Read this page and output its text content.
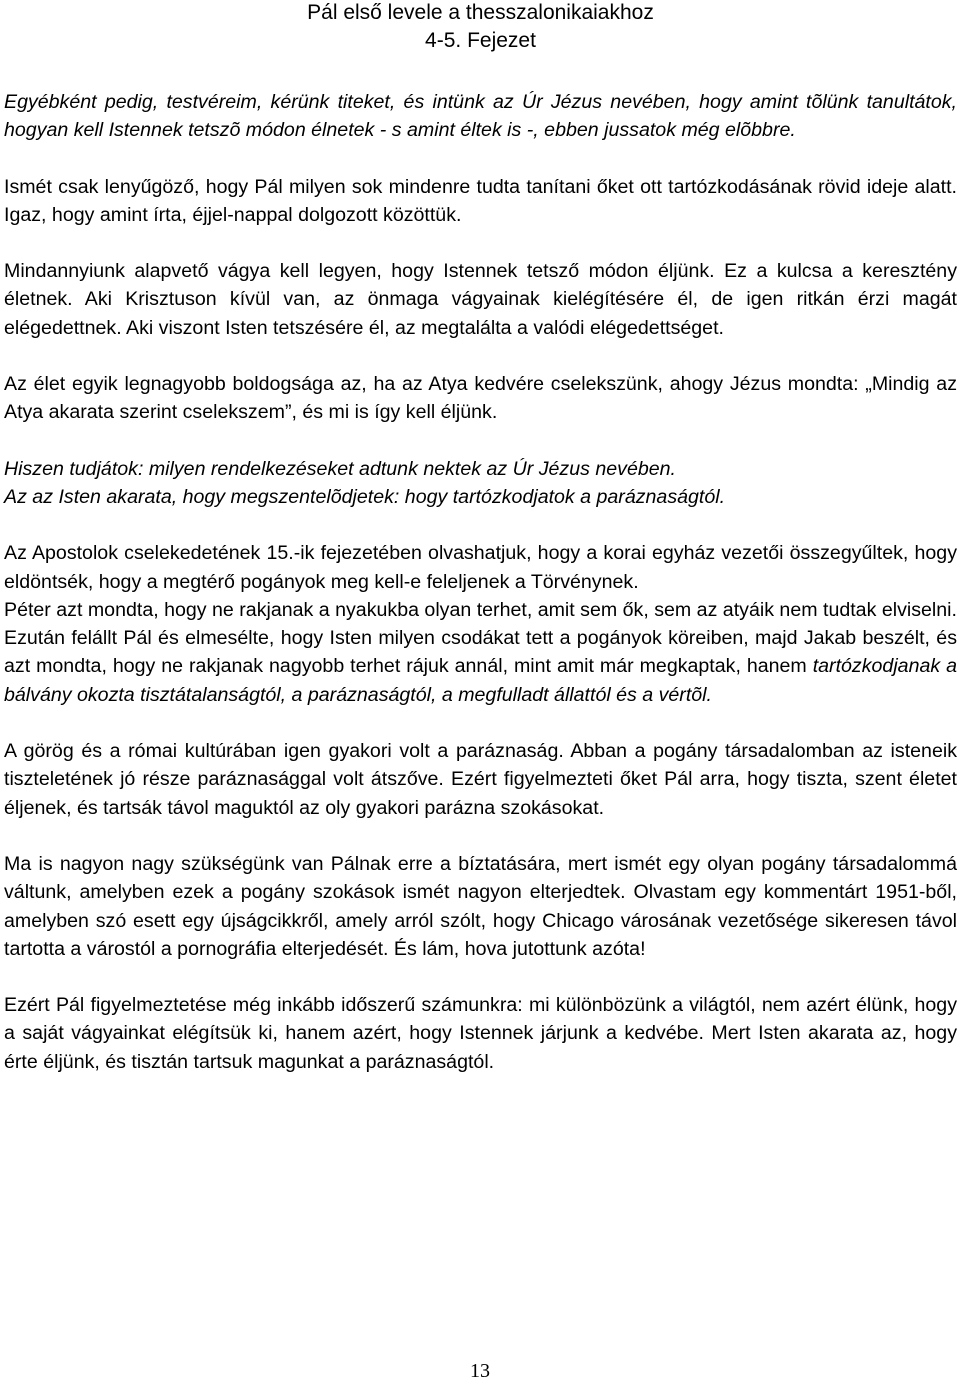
Pál első levele a thesszalonikaiakhoz
4-5. Fejezet

Egyébként pedig, testvéreim, kérünk titeket, és intünk az Úr Jézus nevében, hogy amint tõlünk tanultátok, hogyan kell Istennek tetszõ módon élnetek - s amint éltek is -, ebben jussatok még elõbbre.

Ismét csak lenyűgöző, hogy Pál milyen sok mindenre tudta tanítani őket ott tartózkodásának rövid ideje alatt. Igaz, hogy amint írta, éjjel-nappal dolgozott közöttük.

Mindannyiunk alapvető vágya kell legyen, hogy Istennek tetsző módon éljünk. Ez a kulcsa a keresztény életnek. Aki Krisztuson kívül van, az önmaga vágyainak kielégítésére él, de igen ritkán érzi magát elégedettnek. Aki viszont Isten tetszésére él, az megtalálta a valódi elégedettséget.

Az élet egyik legnagyobb boldogsága az, ha az Atya kedvére cselekszünk, ahogy Jézus mondta: „Mindig az Atya akarata szerint cselekszem”, és mi is így kell éljünk.

Hiszen tudjátok: milyen rendelkezéseket adtunk nektek az Úr Jézus nevében.

Az az Isten akarata, hogy megszentelõdjetek: hogy tartózkodjatok a paráznaságtól.

Az Apostolok cselekedetének 15.-ik fejezetében olvashatjuk, hogy a korai egyház vezetői összegyűltek, hogy eldöntsék, hogy a megtérő pogányok meg kell-e feleljenek a Törvénynek.

Péter azt mondta, hogy ne rakjanak a nyakukba olyan terhet, amit sem ők, sem az atyáik nem tudtak elviselni.

Ezután felállt Pál és elmesélte, hogy Isten milyen csodákat tett a pogányok köreiben, majd Jakab beszélt, és azt mondta, hogy ne rakjanak nagyobb terhet rájuk annál, mint amit már megkaptak, hanem tartózkodjanak a bálvány okozta tisztátalanságtól, a paráznaságtól, a megfulladt állattól és a vértõl.

A görög és a római kultúrában igen gyakori volt a paráznaság. Abban a pogány társadalomban az isteneik tiszteletének jó része paráznasággal volt átszőve. Ezért figyelmezteti őket Pál arra, hogy tiszta, szent életet éljenek, és tartsák távol maguktól az oly gyakori parázna szokásokat.

Ma is nagyon nagy szükségünk van Pálnak erre a bíztatására, mert ismét egy olyan pogány társadalommá váltunk, amelyben ezek a pogány szokások ismét nagyon elterjedtek. Olvastam egy kommentárt 1951-ből, amelyben szó esett egy újságcikkről, amely arról szólt, hogy Chicago városának vezetősége sikeresen távol tartotta a várostól a pornográfia elterjedését. És lám, hova jutottunk azóta!

Ezért Pál figyelmeztetése még inkább időszerű számunkra: mi különbözünk a világtól, nem azért élünk, hogy a saját vágyainkat elégítsük ki, hanem azért, hogy Istennek járjunk a kedvébe. Mert Isten akarata az, hogy érte éljünk, és tisztán tartsuk magunkat a paráznaságtól.

13
